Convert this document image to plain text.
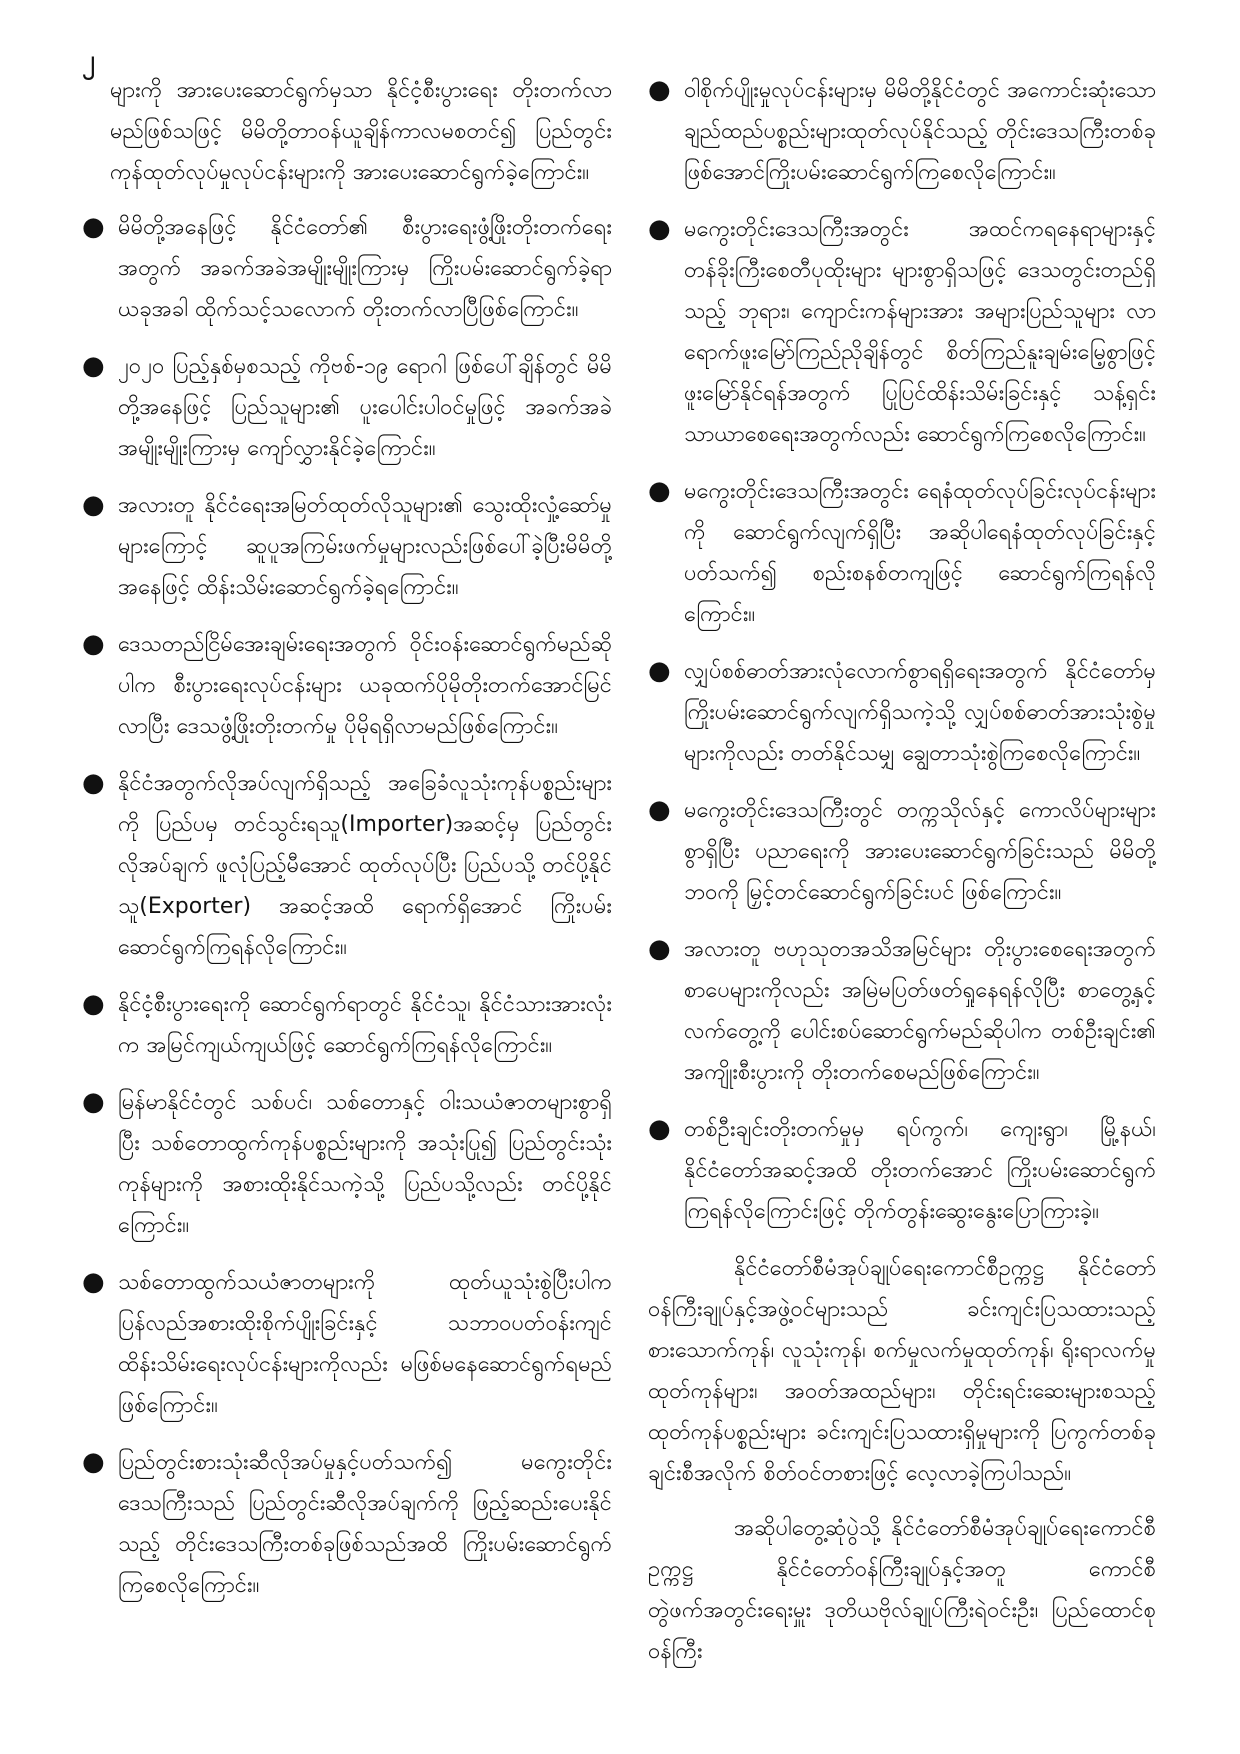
၂

များကို အားပေးဆောင်ရွက်မှသာ နိုင်ငံ့စီးပွားရေး တိုးတက်လာမည်ဖြစ်သဖြင့် မိမိတို့တာဝန်ယူချိန်ကာလမစတင်၍ ပြည်တွင်းကုန်ထုတ်လုပ်မှုလုပ်ငန်းများကို အားပေးဆောင်ရွက်ခဲ့ကြောင်း။

●
မိမိတို့အနေဖြင့် နိုင်ငံတော်၏ စီးပွားရေးဖွံ့ဖြိုးတိုးတက်ရေးအတွက် အခက်အခဲအမျိုးမျိုးကြားမှ ကြိုးပမ်းဆောင်ရွက်ခဲ့ရာ ယခုအခါ ထိုက်သင့်သလောက် တိုးတက်လာပြီဖြစ်ကြောင်း။
●
၂၀၂၀ ပြည့်နှစ်မှစသည့် ကိုဗစ်-၁၉ ရောဂါ ဖြစ်ပေါ်ချိန်တွင် မိမိတို့အနေဖြင့် ပြည်သူများ၏ ပူးပေါင်းပါဝင်မှုဖြင့် အခက်အခဲအမျိုးမျိုးကြားမှ ကျော်လွှားနိုင်ခဲ့ကြောင်း။
●
အလားတူ နိုင်ငံရေးအမြတ်ထုတ်လိုသူများ၏ သွေးထိုးလှုံ့ဆော်မှုများကြောင့် ဆူပူအကြမ်းဖက်မှုများလည်းဖြစ်ပေါ်ခဲ့ပြီးမိမိတို့အနေဖြင့် ထိန်းသိမ်းဆောင်ရွက်ခဲ့ရကြောင်း။
●
ဒေသတည်ငြိမ်အေးချမ်းရေးအတွက် ဝိုင်းဝန်းဆောင်ရွက်မည်ဆိုပါက စီးပွားရေးလုပ်ငန်းများ ယခုထက်ပိုမိုတိုးတက်အောင်မြင်လာပြီး ဒေသဖွံ့ဖြိုးတိုးတက်မှု ပိုမိုရရှိလာမည်ဖြစ်ကြောင်း။
●
နိုင်ငံအတွက်လိုအပ်လျက်ရှိသည့် အခြေခံလူသုံးကုန်ပစ္စည်းများကို ပြည်ပမှ တင်သွင်းရသူ(Importer)အဆင့်မှ ပြည်တွင်းလိုအပ်ချက် ဖူလုံပြည့်မီအောင် ထုတ်လုပ်ပြီး ပြည်ပသို့ တင်ပို့နိုင်သူ(Exporter) အဆင့်အထိ ရောက်ရှိအောင် ကြိုးပမ်းဆောင်ရွက်ကြရန်လိုကြောင်း။
●
နိုင်ငံ့စီးပွားရေးကို ဆောင်ရွက်ရာတွင် နိုင်ငံသူ၊ နိုင်ငံသားအားလုံးက အမြင်ကျယ်ကျယ်ဖြင့် ဆောင်ရွက်ကြရန်လိုကြောင်း။
●
မြန်မာနိုင်ငံတွင် သစ်ပင်၊ သစ်တောနှင့် ဝါးသယံဇာတများစွာရှိပြီး သစ်တောထွက်ကုန်ပစ္စည်းများကို အသုံးပြု၍ ပြည်တွင်းသုံးကုန်များကို အစားထိုးနိုင်သကဲ့သို့ ပြည်ပသို့လည်း တင်ပို့နိုင်ကြောင်း။
●
သစ်တောထွက်သယံဇာတများကို ထုတ်ယူသုံးစွဲပြီးပါက ပြန်လည်အစားထိုးစိုက်ပျိုးခြင်းနှင့် သဘာဝပတ်ဝန်းကျင်ထိန်းသိမ်းရေးလုပ်ငန်းများကိုလည်း မဖြစ်မနေဆောင်ရွက်ရမည်ဖြစ်ကြောင်း။
●
ပြည်တွင်းစားသုံးဆီလိုအပ်မှုနှင့်ပတ်သက်၍ မကွေးတိုင်းဒေသကြီးသည် ပြည်တွင်းဆီလိုအပ်ချက်ကို ဖြည့်ဆည်းပေးနိုင်သည့် တိုင်းဒေသကြီးတစ်ခုဖြစ်သည်အထိ ကြိုးပမ်းဆောင်ရွက်ကြစေလိုကြောင်း။
●
ဝါစိုက်ပျိုးမှုလုပ်ငန်းများမှ မိမိတို့နိုင်ငံတွင် အကောင်းဆုံးသော ချည်ထည်ပစ္စည်းများထုတ်လုပ်နိုင်သည့် တိုင်းဒေသကြီးတစ်ခုဖြစ်အောင်ကြိုးပမ်းဆောင်ရွက်ကြစေလိုကြောင်း။
●
မကွေးတိုင်းဒေသကြီးအတွင်း အထင်ကရနေရာများနှင့် တန်ခိုးကြီးစေတီပုထိုးများ များစွာရှိသဖြင့် ဒေသတွင်းတည်ရှိသည့် ဘုရား၊ ကျောင်းကန်များအား အများပြည်သူများ လာရောက်ဖူးမြော်ကြည်ညိုချိန်တွင် စိတ်ကြည်နူးချမ်းမြေ့စွာဖြင့် ဖူးမြော်နိုင်ရန်အတွက် ပြုပြင်ထိန်းသိမ်းခြင်းနှင့် သန့်ရှင်းသာယာစေရေးအတွက်လည်း ဆောင်ရွက်ကြစေလိုကြောင်း။
●
မကွေးတိုင်းဒေသကြီးအတွင်း ရေနံထုတ်လုပ်ခြင်းလုပ်ငန်းများကို ဆောင်ရွက်လျက်ရှိပြီး အဆိုပါရေနံထုတ်လုပ်ခြင်းနှင့်ပတ်သက်၍ စည်းစနစ်တကျဖြင့် ဆောင်ရွက်ကြရန်လိုကြောင်း။
●
လျှပ်စစ်ဓာတ်အားလုံလောက်စွာရရှိရေးအတွက် နိုင်ငံတော်မှကြိုးပမ်းဆောင်ရွက်လျက်ရှိသကဲ့သို့ လျှပ်စစ်ဓာတ်အားသုံးစွဲမှုများကိုလည်း တတ်နိုင်သမျှ ချွေတာသုံးစွဲကြစေလိုကြောင်း။
●
မကွေးတိုင်းဒေသကြီးတွင် တက္ကသိုလ်နှင့် ကောလိပ်များများစွာရှိပြီး ပညာရေးကို အားပေးဆောင်ရွက်ခြင်းသည် မိမိတို့ဘဝကို မြှင့်တင်ဆောင်ရွက်ခြင်းပင် ဖြစ်ကြောင်း။
●
အလားတူ ဗဟုသုတအသိအမြင်များ တိုးပွားစေရေးအတွက် စာပေများကိုလည်း အမြဲမပြတ်ဖတ်ရှုနေရန်လိုပြီး စာတွေ့နှင့်လက်တွေ့ကို ပေါင်းစပ်ဆောင်ရွက်မည်ဆိုပါက တစ်ဦးချင်း၏ အကျိုးစီးပွားကို တိုးတက်စေမည်ဖြစ်ကြောင်း။
●
တစ်ဦးချင်းတိုးတက်မှုမှ ရပ်ကွက်၊ ကျေးရွာ၊ မြို့နယ်၊ နိုင်ငံတော်အဆင့်အထိ တိုးတက်အောင် ကြိုးပမ်းဆောင်ရွက်ကြရန်လိုကြောင်းဖြင့် တိုက်တွန်းဆွေးနွေးပြောကြားခဲ့။

နိုင်ငံတော်စီမံအုပ်ချုပ်ရေးကောင်စီဥက္ကဋ္ဌ နိုင်ငံတော်ဝန်ကြီးချုပ်နှင့်အဖွဲ့ဝင်များသည် ခင်းကျင်းပြသထားသည့် စားသောက်ကုန်၊ လူသုံးကုန်၊ စက်မှုလက်မှုထုတ်ကုန်၊ ရိုးရာလက်မှုထုတ်ကုန်များ၊ အဝတ်အထည်များ၊ တိုင်းရင်းဆေးများစသည့် ထုတ်ကုန်ပစ္စည်းများ ခင်းကျင်းပြသထားရှိမှုများကို ပြကွက်တစ်ခုချင်းစီအလိုက် စိတ်ဝင်တစားဖြင့် လေ့လာခဲ့ကြပါသည်။

အဆိုပါတွေ့ဆုံပွဲသို့ နိုင်ငံတော်စီမံအုပ်ချုပ်ရေးကောင်စီဥက္ကဋ္ဌ နိုင်ငံတော်ဝန်ကြီးချုပ်နှင့်အတူ ကောင်စီတွဲဖက်အတွင်းရေးမှူး ဒုတိယဗိုလ်ချုပ်ကြီးရဲဝင်းဦး၊ ပြည်ထောင်စုဝန်ကြီး
